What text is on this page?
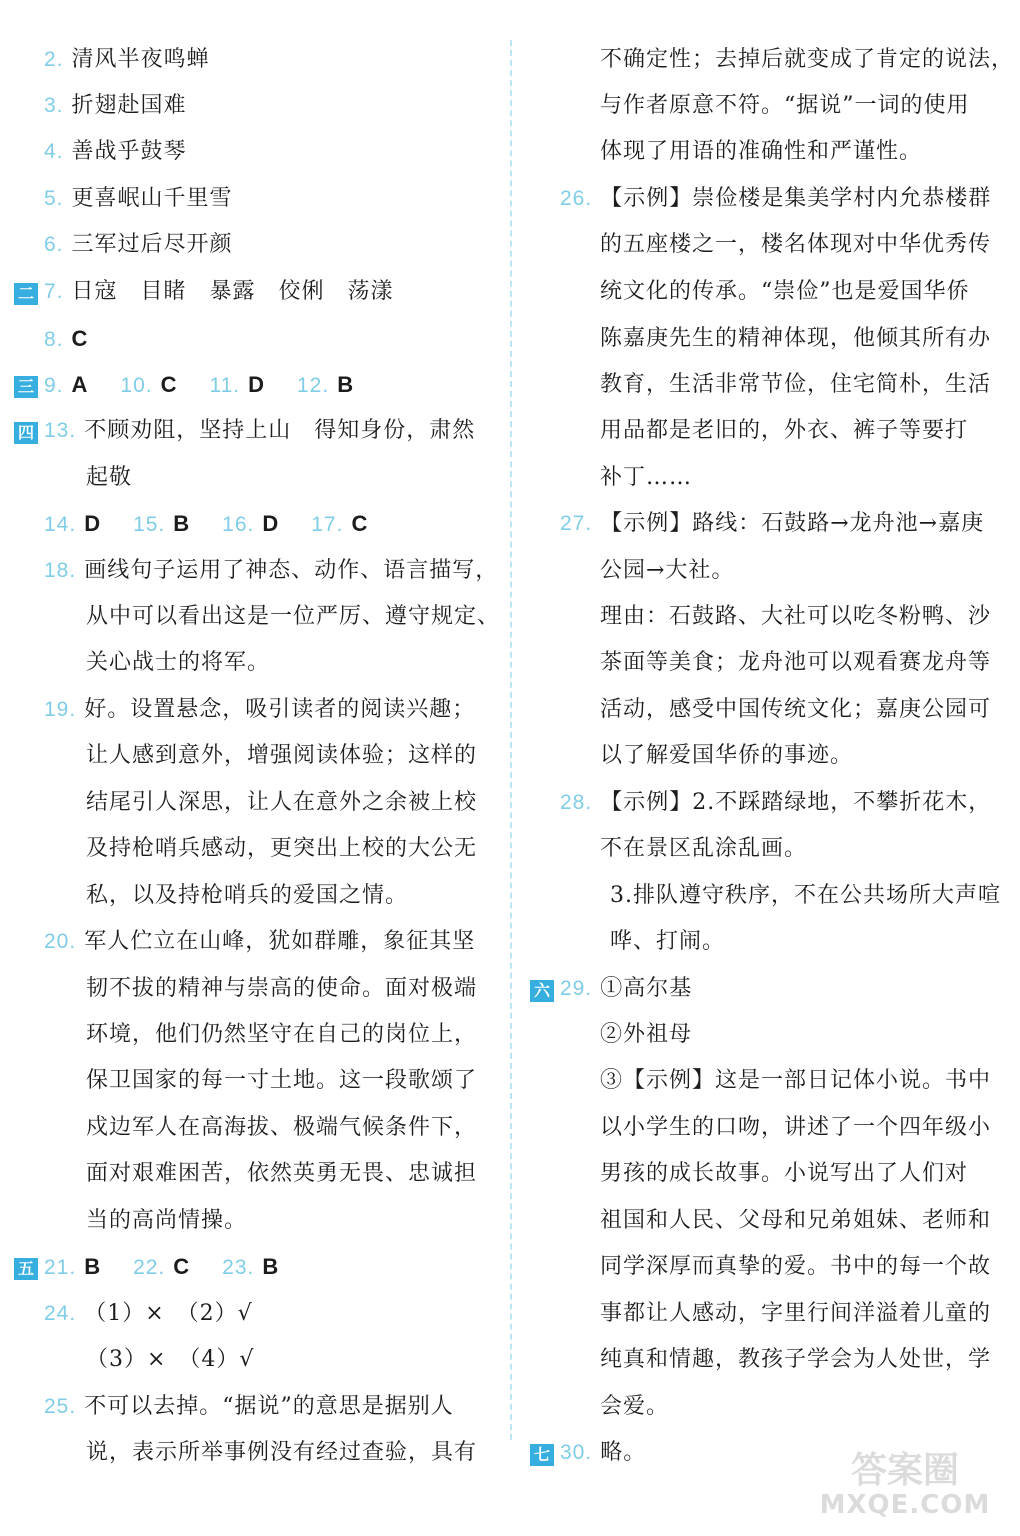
2. 清风半夜鸣蝉
3. 折翅赴国难
4. 善战乎鼓琴
5. 更喜岷山千里雪
6. 三军过后尽开颜
二 7. 日寇　目睹　暴露　佼俐　荡漾
8. C
三 9. A 10. C 11. D 12. B
四 13. 不顾劝阻，坚持上山　得知身份，肃然
起敬
14. D 15. B 16. D 17. C
18. 画线句子运用了神态、动作、语言描写，
从中可以看出这是一位严厉、遵守规定、
关心战士的将军。
19. 好。设置悬念，吸引读者的阅读兴趣；
让人感到意外，增强阅读体验；这样的
结尾引人深思，让人在意外之余被上校
及持枪哨兵感动，更突出上校的大公无
私，以及持枪哨兵的爱国之情。
20. 军人伫立在山峰，犹如群雕，象征其坚
韧不拔的精神与崇高的使命。面对极端
环境，他们仍然坚守在自己的岗位上，
保卫国家的每一寸土地。这一段歌颂了
戍边军人在高海拔、极端气候条件下，
面对艰难困苦，依然英勇无畏、忠诚担
当的高尚情操。
五 21. B 22. C 23. B
24. （1）×　（2）√
（3）×　（4）√
25. 不可以去掉。“据说”的意思是据别人
说，表示所举事例没有经过查验，具有
不确定性；去掉后就变成了肯定的说法，
与作者原意不符。“据说”一词的使用
体现了用语的准确性和严谨性。
26. 【示例】崇俭楼是集美学村内允恭楼群
的五座楼之一，楼名体现对中华优秀传
统文化的传承。“崇俭”也是爱国华侨
陈嘉庚先生的精神体现，他倾其所有办
教育，生活非常节俭，住宅简朴，生活
用品都是老旧的，外衣、裤子等要打
补丁……
27. 【示例】路线：石鼓路→龙舟池→嘉庚
公园→大社。
理由：石鼓路、大社可以吃冬粉鸭、沙
茶面等美食；龙舟池可以观看赛龙舟等
活动，感受中国传统文化；嘉庚公园可
以了解爱国华侨的事迹。
28. 【示例】2.不踩踏绿地，不攀折花木，
不在景区乱涂乱画。
3.排队遵守秩序，不在公共场所大声喧
哗、打闹。
六 29. ①高尔基
②外祖母
③【示例】这是一部日记体小说。书中
以小学生的口吻，讲述了一个四年级小
男孩的成长故事。小说写出了人们对
祖国和人民、父母和兄弟姐妹、老师和
同学深厚而真挚的爱。书中的每一个故
事都让人感动，字里行间洋溢着儿童的
纯真和情趣，教孩子学会为人处世，学
会爱。
七 30. 略。	答案圈
MXQE.COM
